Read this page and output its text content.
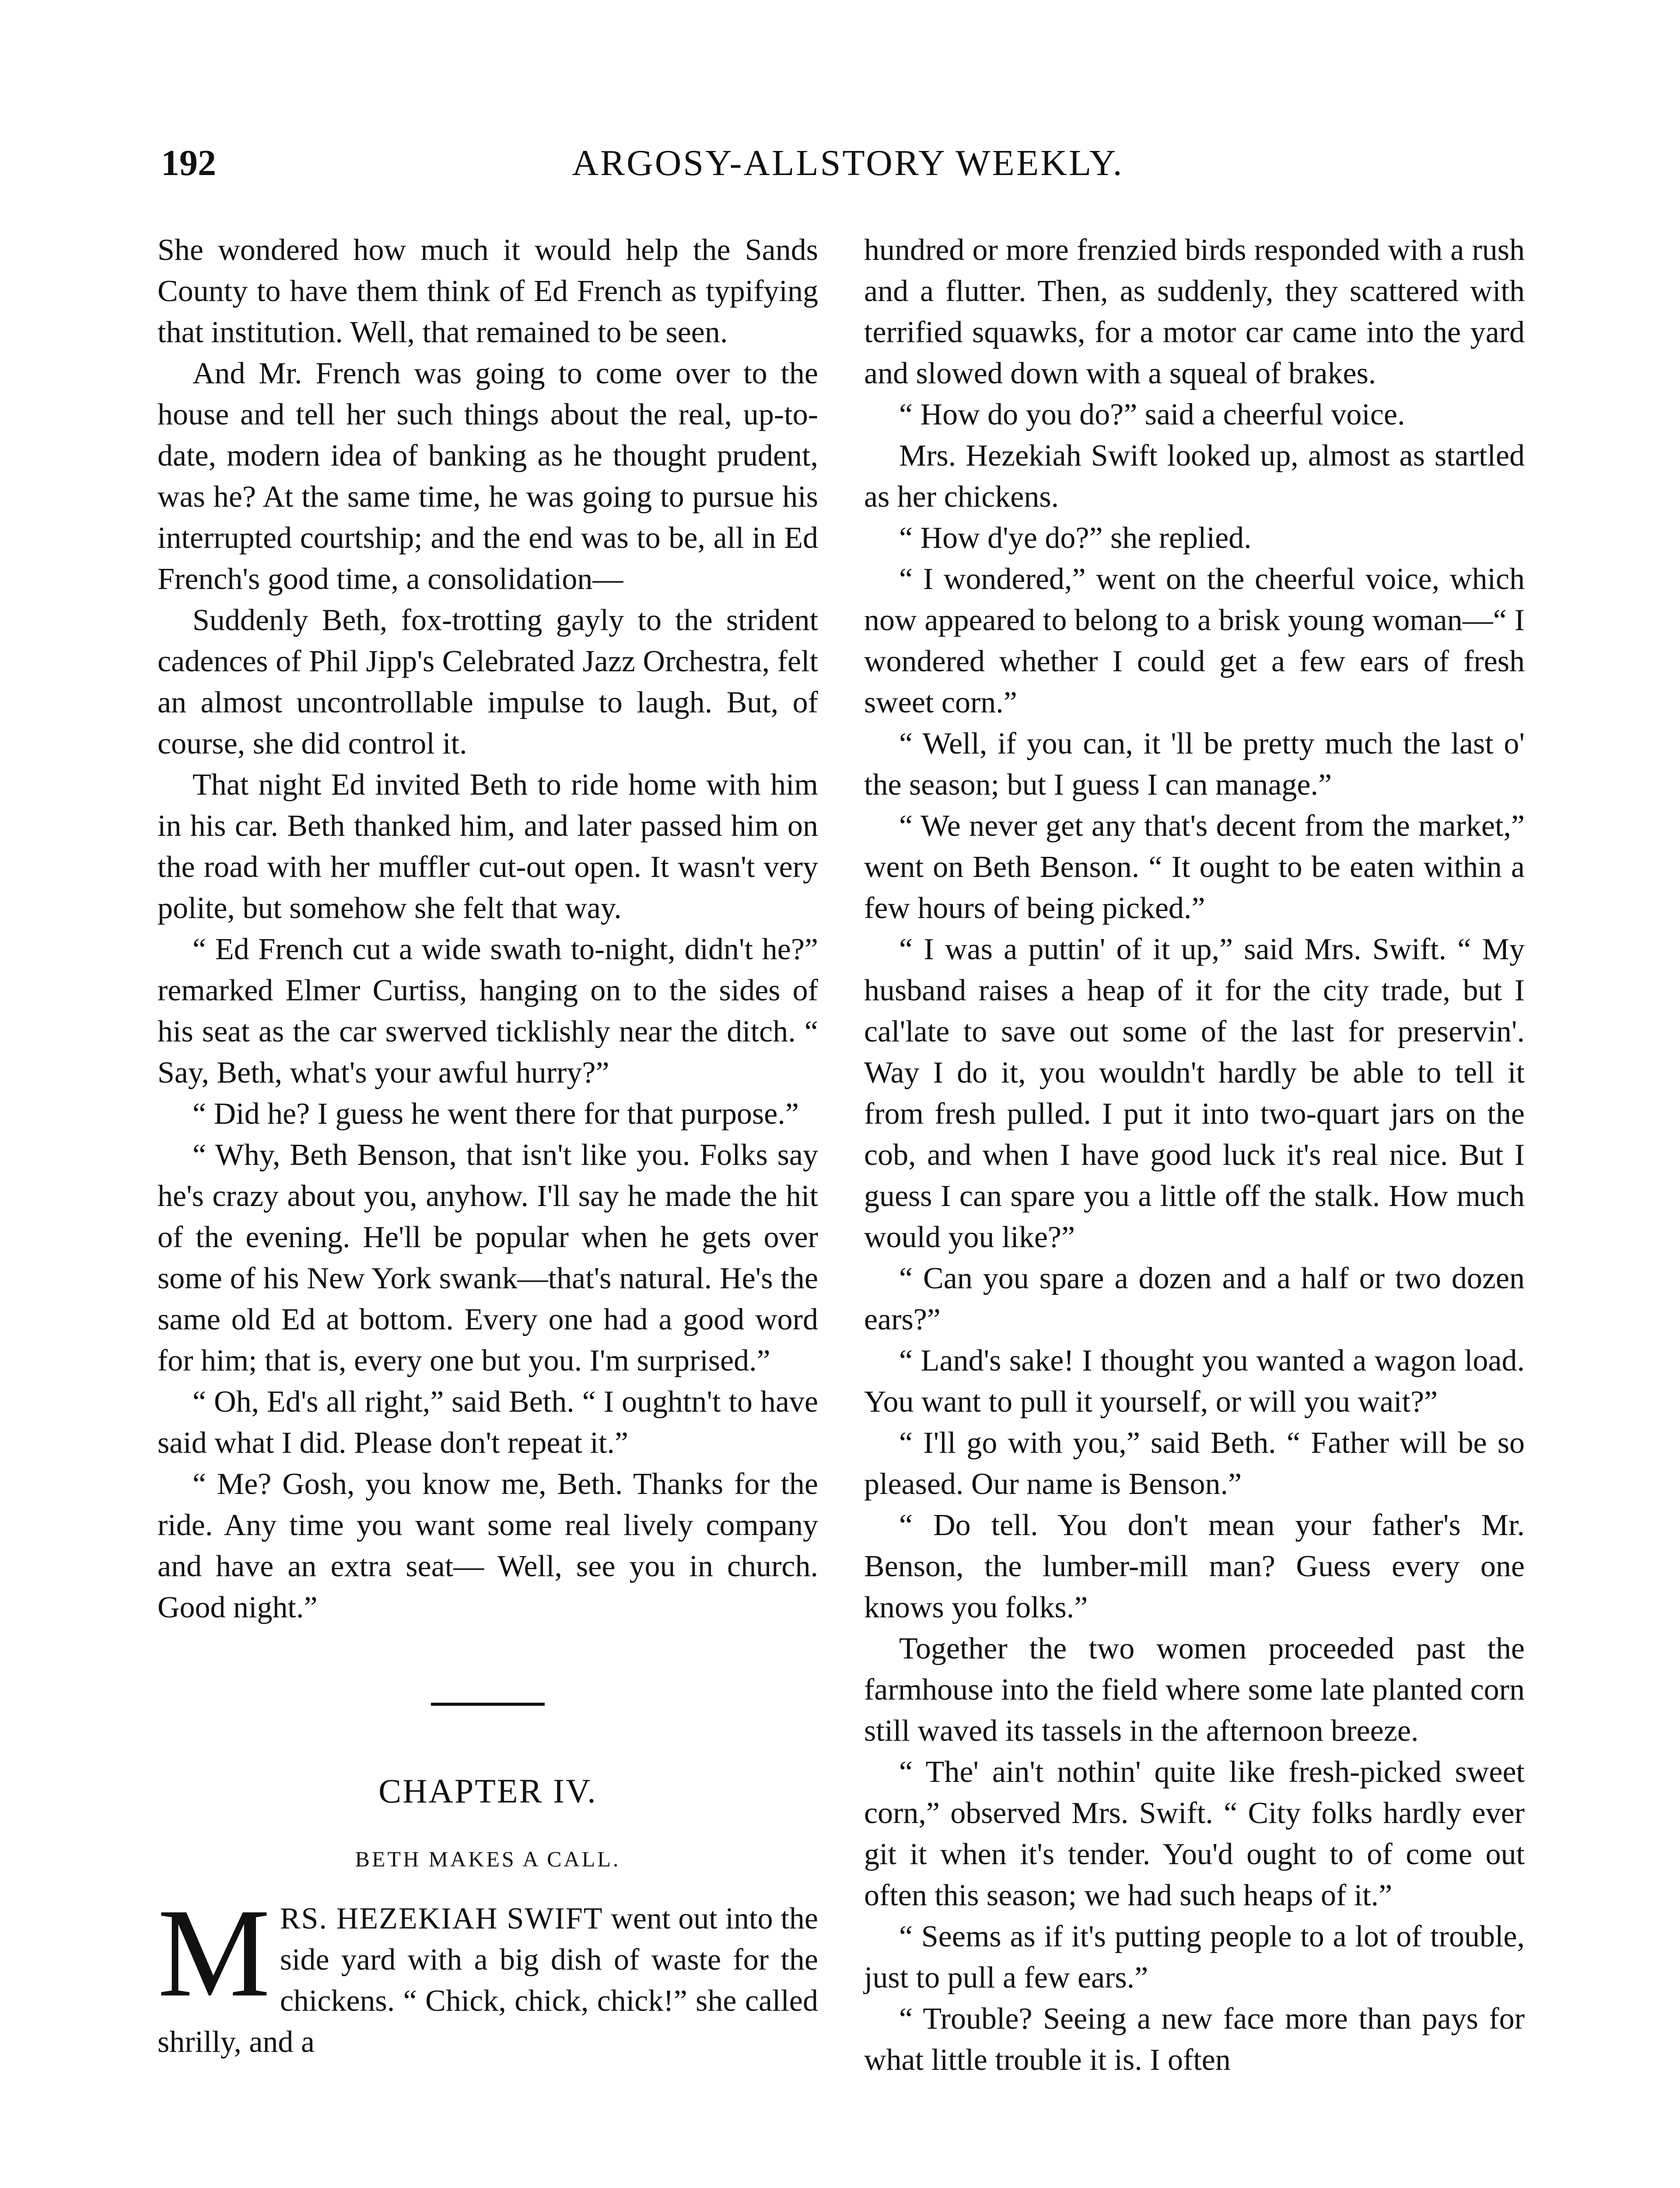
192	ARGOSY-ALLSTORY WEEKLY.

She wondered how much it would help the Sands County to have them think of Ed French as typifying that institution. Well, that remained to be seen.

And Mr. French was going to come over to the house and tell her such things about the real, up-to-date, modern idea of banking as he thought prudent, was he? At the same time, he was going to pursue his interrupted courtship; and the end was to be, all in Ed French's good time, a consolidation—

Suddenly Beth, fox-trotting gayly to the strident cadences of Phil Jipp's Celebrated Jazz Orchestra, felt an almost uncontrollable impulse to laugh. But, of course, she did control it.

That night Ed invited Beth to ride home with him in his car. Beth thanked him, and later passed him on the road with her muffler cut-out open. It wasn't very polite, but somehow she felt that way.

“ Ed French cut a wide swath to-night, didn't he?” remarked Elmer Curtiss, hanging on to the sides of his seat as the car swerved ticklishly near the ditch. “ Say, Beth, what's your awful hurry?”

“ Did he? I guess he went there for that purpose.”

“ Why, Beth Benson, that isn't like you. Folks say he's crazy about you, anyhow. I'll say he made the hit of the evening. He'll be popular when he gets over some of his New York swank—that's natural. He's the same old Ed at bottom. Every one had a good word for him; that is, every one but you. I'm surprised.”

“ Oh, Ed's all right,” said Beth. “ I oughtn't to have said what I did. Please don't repeat it.”

“ Me? Gosh, you know me, Beth. Thanks for the ride. Any time you want some real lively company and have an extra seat— Well, see you in church. Good night.”

CHAPTER IV.
BETH MAKES A CALL.

MRS. HEZEKIAH SWIFT went out into the side yard with a big dish of waste for the chickens. “ Chick, chick, chick!” she called shrilly, and a

hundred or more frenzied birds responded with a rush and a flutter. Then, as suddenly, they scattered with terrified squawks, for a motor car came into the yard and slowed down with a squeal of brakes.

“ How do you do?” said a cheerful voice.

Mrs. Hezekiah Swift looked up, almost as startled as her chickens.

“ How d'ye do?” she replied.

“ I wondered,” went on the cheerful voice, which now appeared to belong to a brisk young woman—“ I wondered whether I could get a few ears of fresh sweet corn.”

“ Well, if you can, it 'll be pretty much the last o' the season; but I guess I can manage.”

“ We never get any that's decent from the market,” went on Beth Benson. “ It ought to be eaten within a few hours of being picked.”

“ I was a puttin' of it up,” said Mrs. Swift. “ My husband raises a heap of it for the city trade, but I cal'late to save out some of the last for preservin'. Way I do it, you wouldn't hardly be able to tell it from fresh pulled. I put it into two-quart jars on the cob, and when I have good luck it's real nice. But I guess I can spare you a little off the stalk. How much would you like?”

“ Can you spare a dozen and a half or two dozen ears?”

“ Land's sake! I thought you wanted a wagon load. You want to pull it yourself, or will you wait?”

“ I'll go with you,” said Beth. “ Father will be so pleased. Our name is Benson.”

“ Do tell. You don't mean your father's Mr. Benson, the lumber-mill man? Guess every one knows you folks.”

Together the two women proceeded past the farmhouse into the field where some late planted corn still waved its tassels in the afternoon breeze.

“ The' ain't nothin' quite like fresh-picked sweet corn,” observed Mrs. Swift. “ City folks hardly ever git it when it's tender. You'd ought to of come out often this season; we had such heaps of it.”

“ Seems as if it's putting people to a lot of trouble, just to pull a few ears.”

“ Trouble? Seeing a new face more than pays for what little trouble it is. I often
